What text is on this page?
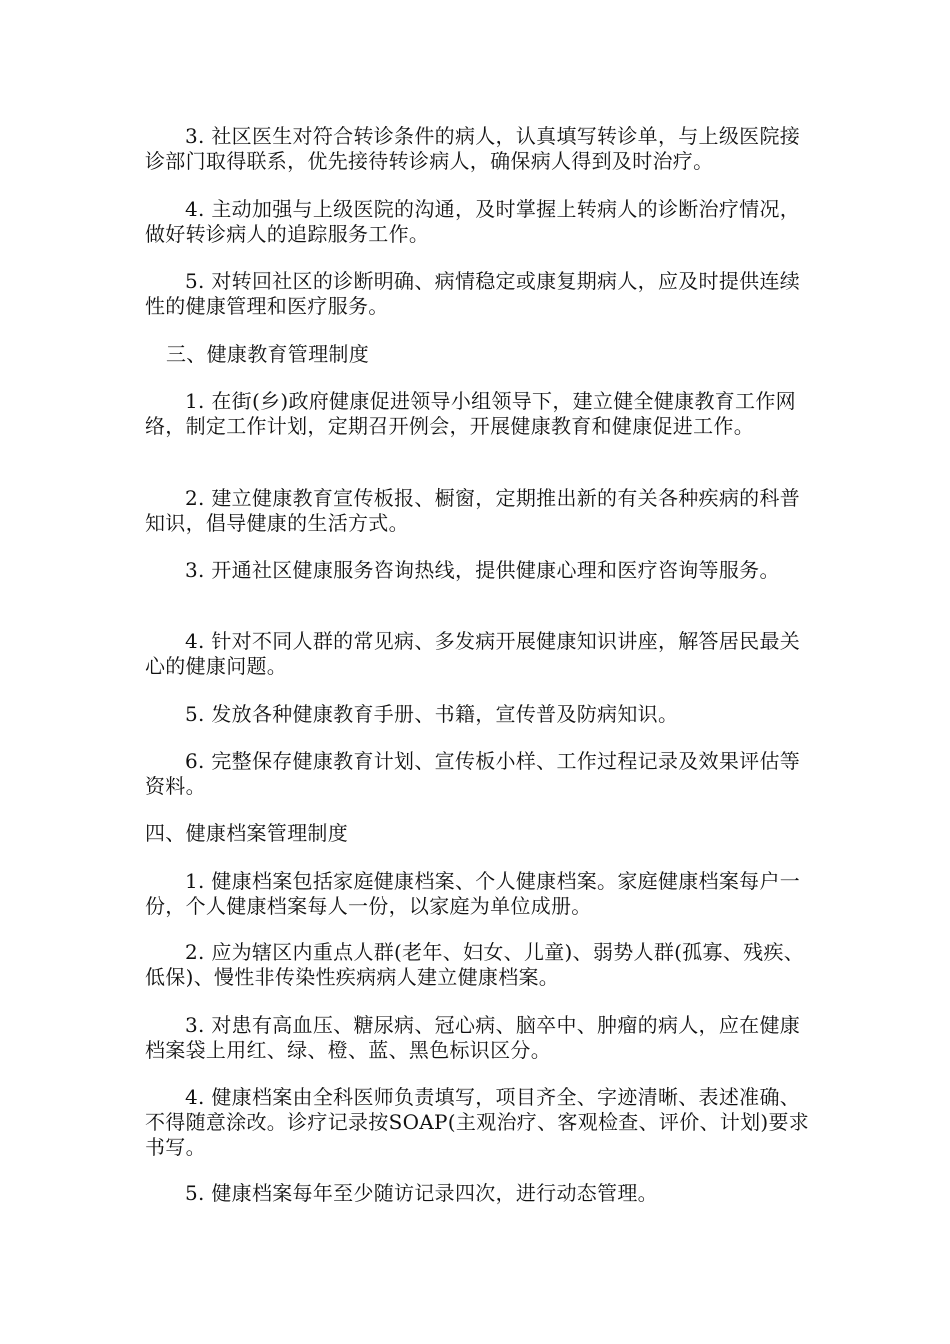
3. 社区医生对符合转诊条件的病人，认真填写转诊单，与上级医院接诊部门取得联系，优先接待转诊病人，确保病人得到及时治疗。

4. 主动加强与上级医院的沟通，及时掌握上转病人的诊断治疗情况，做好转诊病人的追踪服务工作。

5. 对转回社区的诊断明确、病情稳定或康复期病人，应及时提供连续性的健康管理和医疗服务。

三、健康教育管理制度

1. 在街(乡)政府健康促进领导小组领导下，建立健全健康教育工作网络，制定工作计划，定期召开例会，开展健康教育和健康促进工作。

2. 建立健康教育宣传板报、橱窗，定期推出新的有关各种疾病的科普知识，倡导健康的生活方式。

3. 开通社区健康服务咨询热线，提供健康心理和医疗咨询等服务。

4. 针对不同人群的常见病、多发病开展健康知识讲座，解答居民最关心的健康问题。

5. 发放各种健康教育手册、书籍，宣传普及防病知识。

6. 完整保存健康教育计划、宣传板小样、工作过程记录及效果评估等资料。

四、健康档案管理制度

1. 健康档案包括家庭健康档案、个人健康档案。家庭健康档案每户一份，个人健康档案每人一份，以家庭为单位成册。

2. 应为辖区内重点人群(老年、妇女、儿童)、弱势人群(孤寡、残疾、低保)、慢性非传染性疾病病人建立健康档案。

3. 对患有高血压、糖尿病、冠心病、脑卒中、肿瘤的病人，应在健康档案袋上用红、绿、橙、蓝、黑色标识区分。

4. 健康档案由全科医师负责填写，项目齐全、字迹清晰、表述准确、不得随意涂改。诊疗记录按SOAP(主观治疗、客观检查、评价、计划)要求书写。

5. 健康档案每年至少随访记录四次，进行动态管理。
